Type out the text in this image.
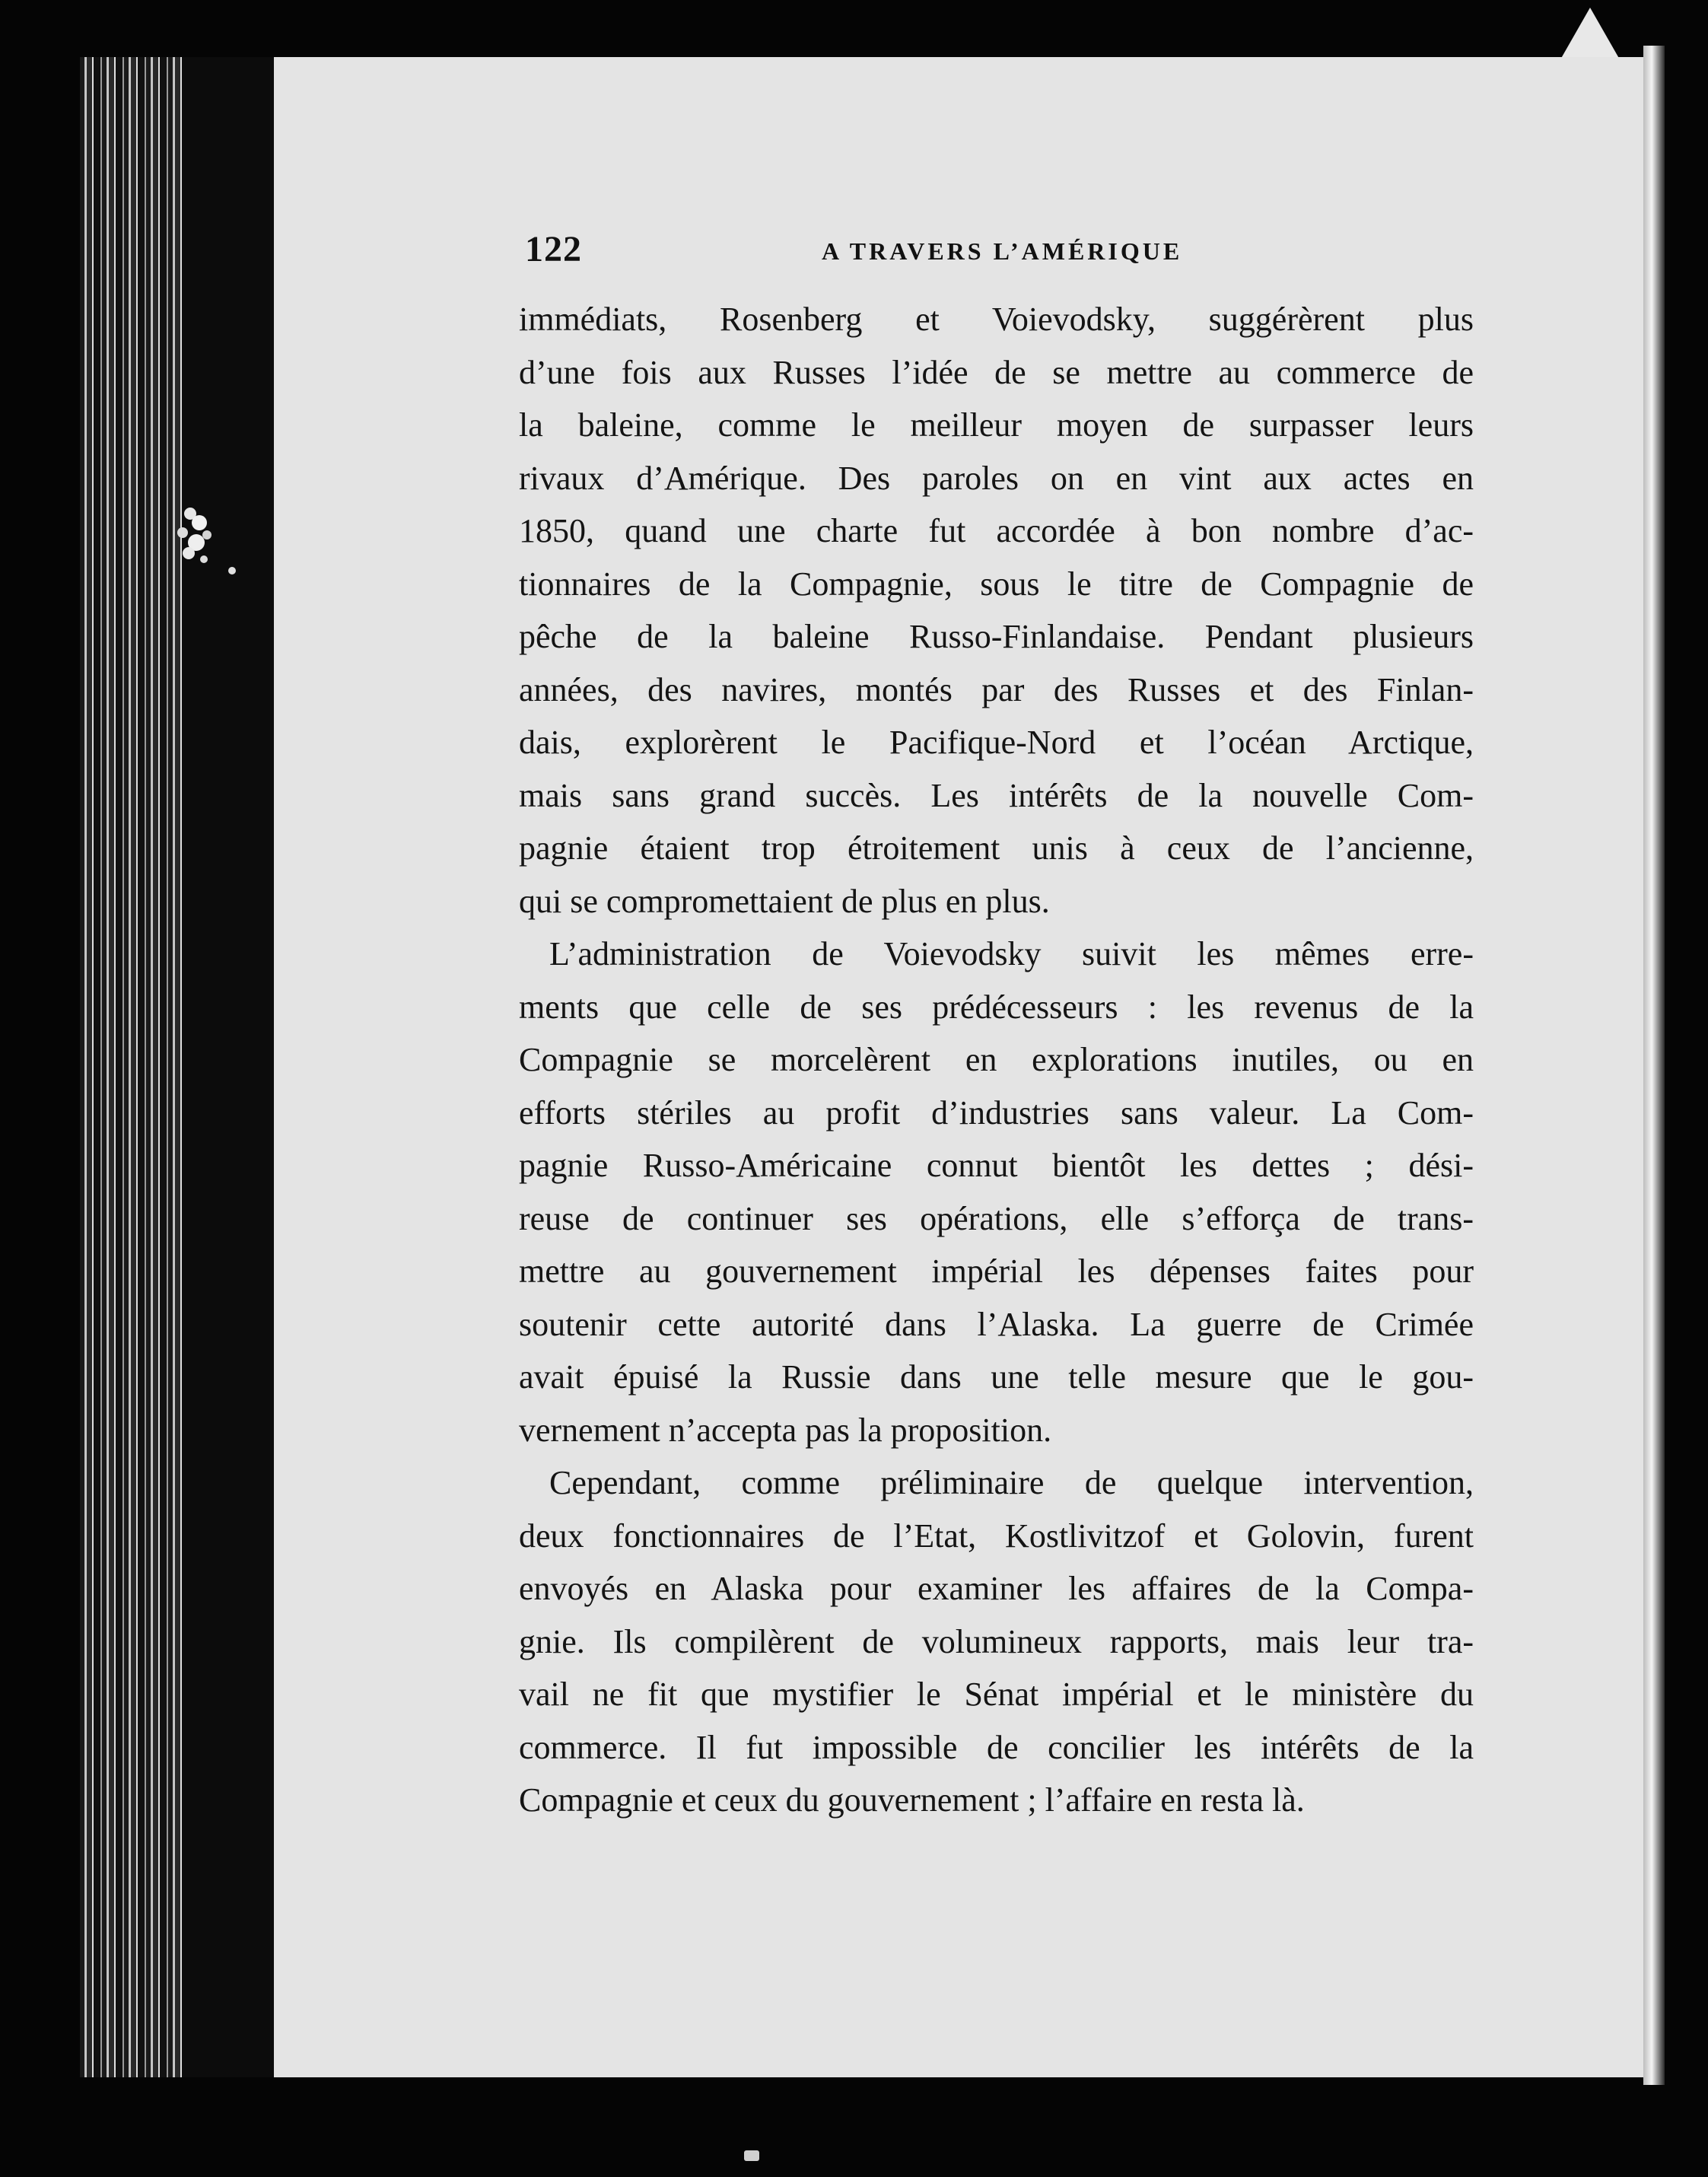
122	A TRAVERS L’AMÉRIQUE
immédiats, Rosenberg et Voievodsky, suggérèrent plus
d’une fois aux Russes l’idée de se mettre au commerce de
la baleine, comme le meilleur moyen de surpasser leurs
rivaux d’Amérique. Des paroles on en vint aux actes en
1850, quand une charte fut accordée à bon nombre d’ac-
tionnaires de la Compagnie, sous le titre de Compagnie de
pêche de la baleine Russo-Finlandaise. Pendant plusieurs
années, des navires, montés par des Russes et des Finlan-
dais, explorèrent le Pacifique-Nord et l’océan Arctique,
mais sans grand succès. Les intérêts de la nouvelle Com-
pagnie étaient trop étroitement unis à ceux de l’ancienne,
qui se compromettaient de plus en plus.
L’administration de Voievodsky suivit les mêmes erre-
ments que celle de ses prédécesseurs : les revenus de la
Compagnie se morcelèrent en explorations inutiles, ou en
efforts stériles au profit d’industries sans valeur. La Com-
pagnie Russo-Américaine connut bientôt les dettes ; dési-
reuse de continuer ses opérations, elle s’efforça de trans-
mettre au gouvernement impérial les dépenses faites pour
soutenir cette autorité dans l’Alaska. La guerre de Crimée
avait épuisé la Russie dans une telle mesure que le gou-
vernement n’accepta pas la proposition.
Cependant, comme préliminaire de quelque intervention,
deux fonctionnaires de l’Etat, Kostlivitzof et Golovin, furent
envoyés en Alaska pour examiner les affaires de la Compa-
gnie. Ils compilèrent de volumineux rapports, mais leur tra-
vail ne fit que mystifier le Sénat impérial et le ministère du
commerce. Il fut impossible de concilier les intérêts de la
Compagnie et ceux du gouvernement ; l’affaire en resta là.
